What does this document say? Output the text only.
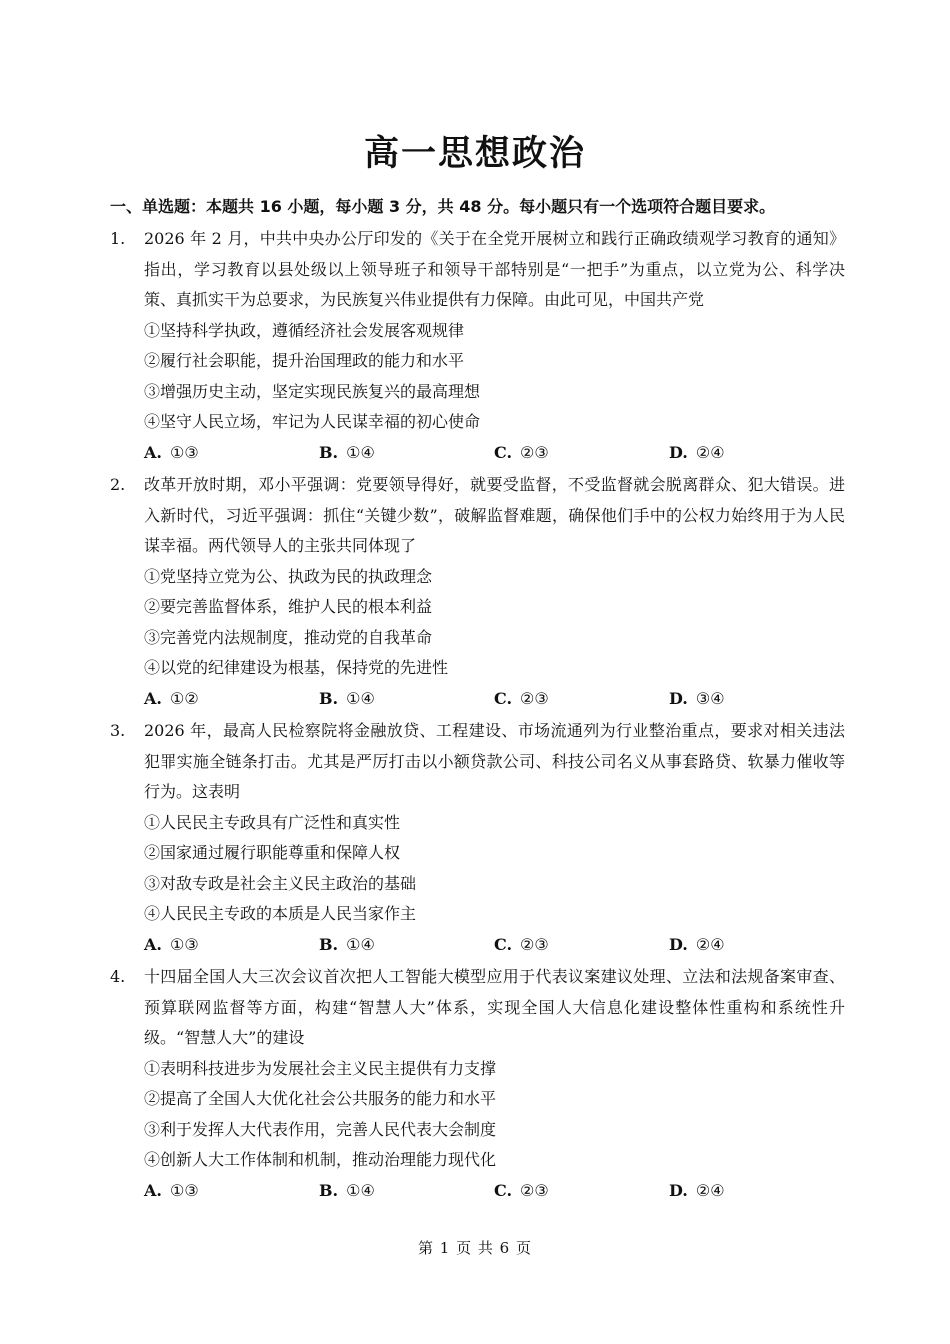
高一思想政治
一、单选题：本题共 16 小题，每小题 3 分，共 48 分。每小题只有一个选项符合题目要求。
1. 2026 年 2 月，中共中央办公厅印发的《关于在全党开展树立和践行正确政绩观学习教育的通知》指出，学习教育以县处级以上领导班子和领导干部特别是“一把手”为重点，以立党为公、科学决策、真抓实干为总要求，为民族复兴伟业提供有力保障。由此可见，中国共产党
①坚持科学执政，遵循经济社会发展客观规律
②履行社会职能，提升治国理政的能力和水平
③增强历史主动，坚定实现民族复兴的最高理想
④坚守人民立场，牢记为人民谋幸福的初心使命
A. ①③	B. ①④	C. ②③	D. ②④
2. 改革开放时期，邓小平强调：党要领导得好，就要受监督，不受监督就会脱离群众、犯大错误。进入新时代，习近平强调：抓住“关键少数”，破解监督难题，确保他们手中的公权力始终用于为人民谋幸福。两代领导人的主张共同体现了
①党坚持立党为公、执政为民的执政理念
②要完善监督体系，维护人民的根本利益
③完善党内法规制度，推动党的自我革命
④以党的纪律建设为根基，保持党的先进性
A. ①②	B. ①④	C. ②③	D. ③④
3. 2026 年，最高人民检察院将金融放贷、工程建设、市场流通列为行业整治重点，要求对相关违法犯罪实施全链条打击。尤其是严厉打击以小额贷款公司、科技公司名义从事套路贷、软暴力催收等行为。这表明
①人民民主专政具有广泛性和真实性
②国家通过履行职能尊重和保障人权
③对敌专政是社会主义民主政治的基础
④人民民主专政的本质是人民当家作主
A. ①③	B. ①④	C. ②③	D. ②④
4. 十四届全国人大三次会议首次把人工智能大模型应用于代表议案建议处理、立法和法规备案审查、预算联网监督等方面，构建“智慧人大”体系，实现全国人大信息化建设整体性重构和系统性升级。“智慧人大”的建设
①表明科技进步为发展社会主义民主提供有力支撑
②提高了全国人大优化社会公共服务的能力和水平
③利于发挥人大代表作用，完善人民代表大会制度
④创新人大工作体制和机制，推动治理能力现代化
A. ①③	B. ①④	C. ②③	D. ②④
第 1 页 共 6 页
